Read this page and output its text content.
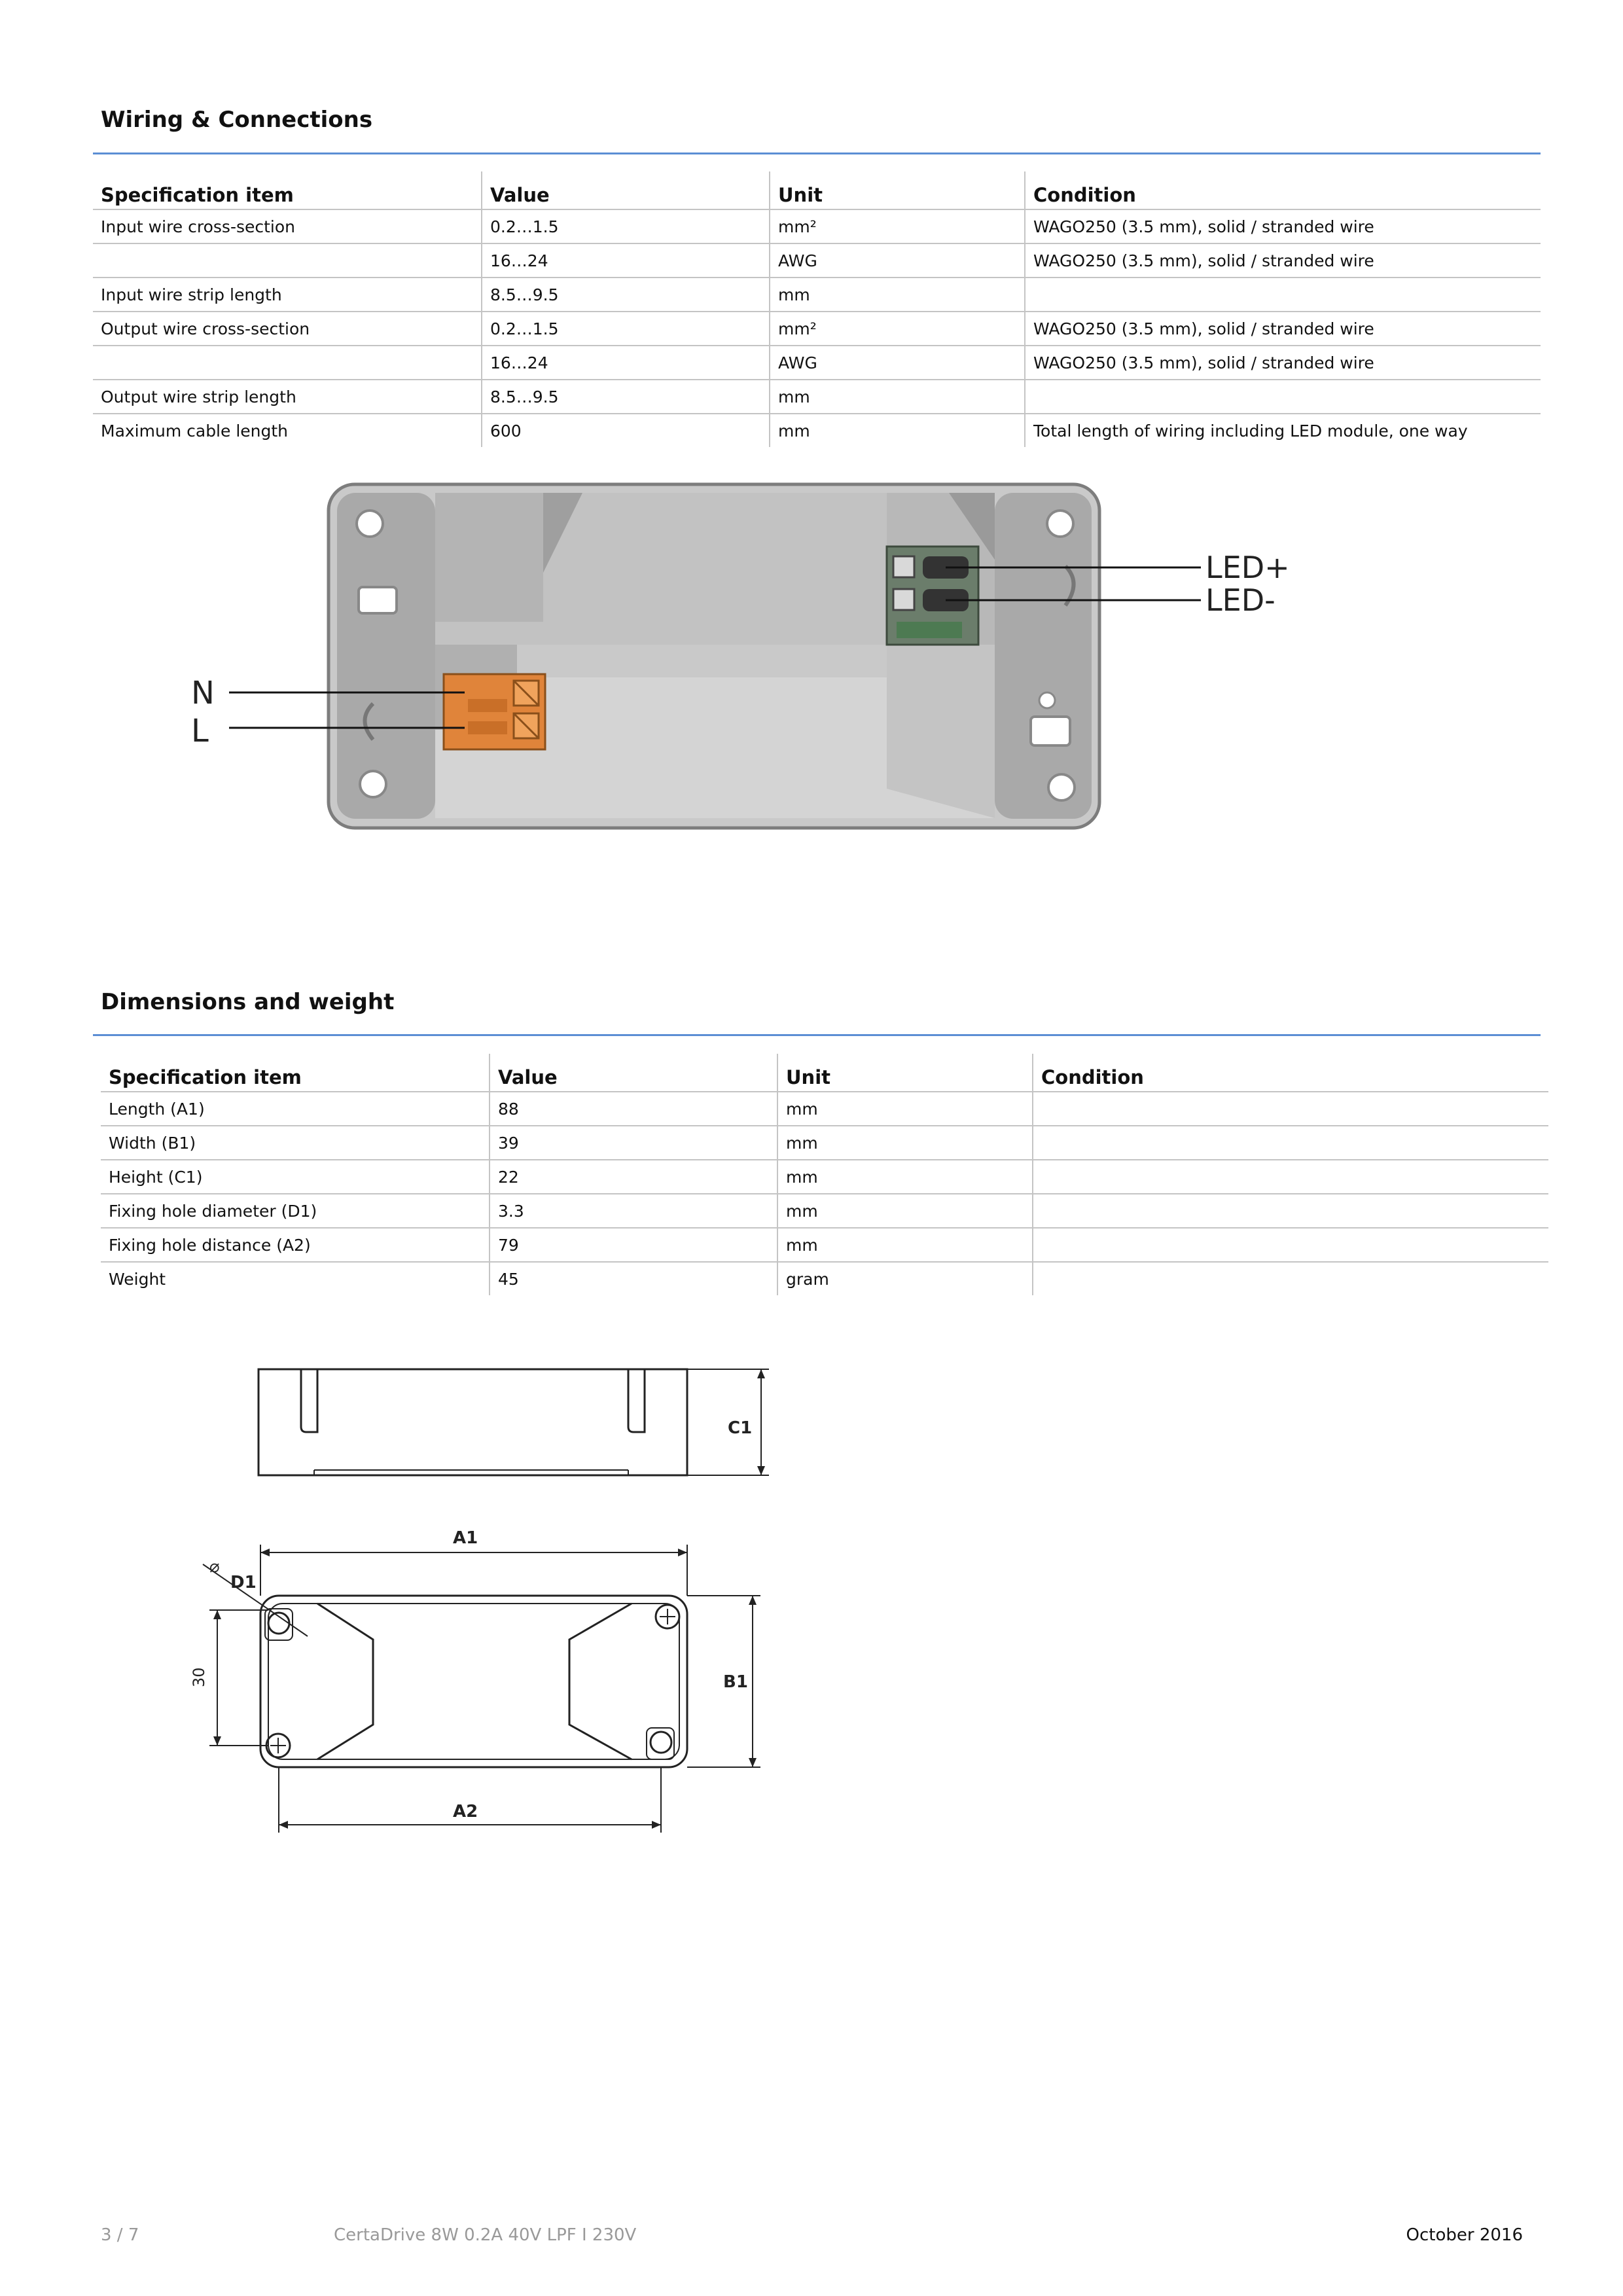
Wiring & Connections
Specification item	Value	Unit	Condition
Input wire cross-section	0.2…1.5	mm²	WAGO250 (3.5 mm), solid / stranded wire
	16…24	AWG	WAGO250 (3.5 mm), solid / stranded wire
Input wire strip length	8.5…9.5	mm	
Output wire cross-section	0.2…1.5	mm²	WAGO250 (3.5 mm), solid / stranded wire
	16…24	AWG	WAGO250 (3.5 mm), solid / stranded wire
Output wire strip length	8.5…9.5	mm	
Maximum cable length	600	mm	Total length of wiring including LED module, one way
N
L
LED+
LED-
Dimensions and weight
Specification item	Value	Unit	Condition
Length (A1)	88	mm	
Width (B1)	39	mm	
Height (C1)	22	mm	
Fixing hole diameter (D1)	3.3	mm	
Fixing hole distance (A2)	79	mm	
Weight	45	gram	
C1
A1
A2
B1
D1
⌀
30
3 / 7	CertaDrive 8W 0.2A 40V LPF I 230V	October 2016
